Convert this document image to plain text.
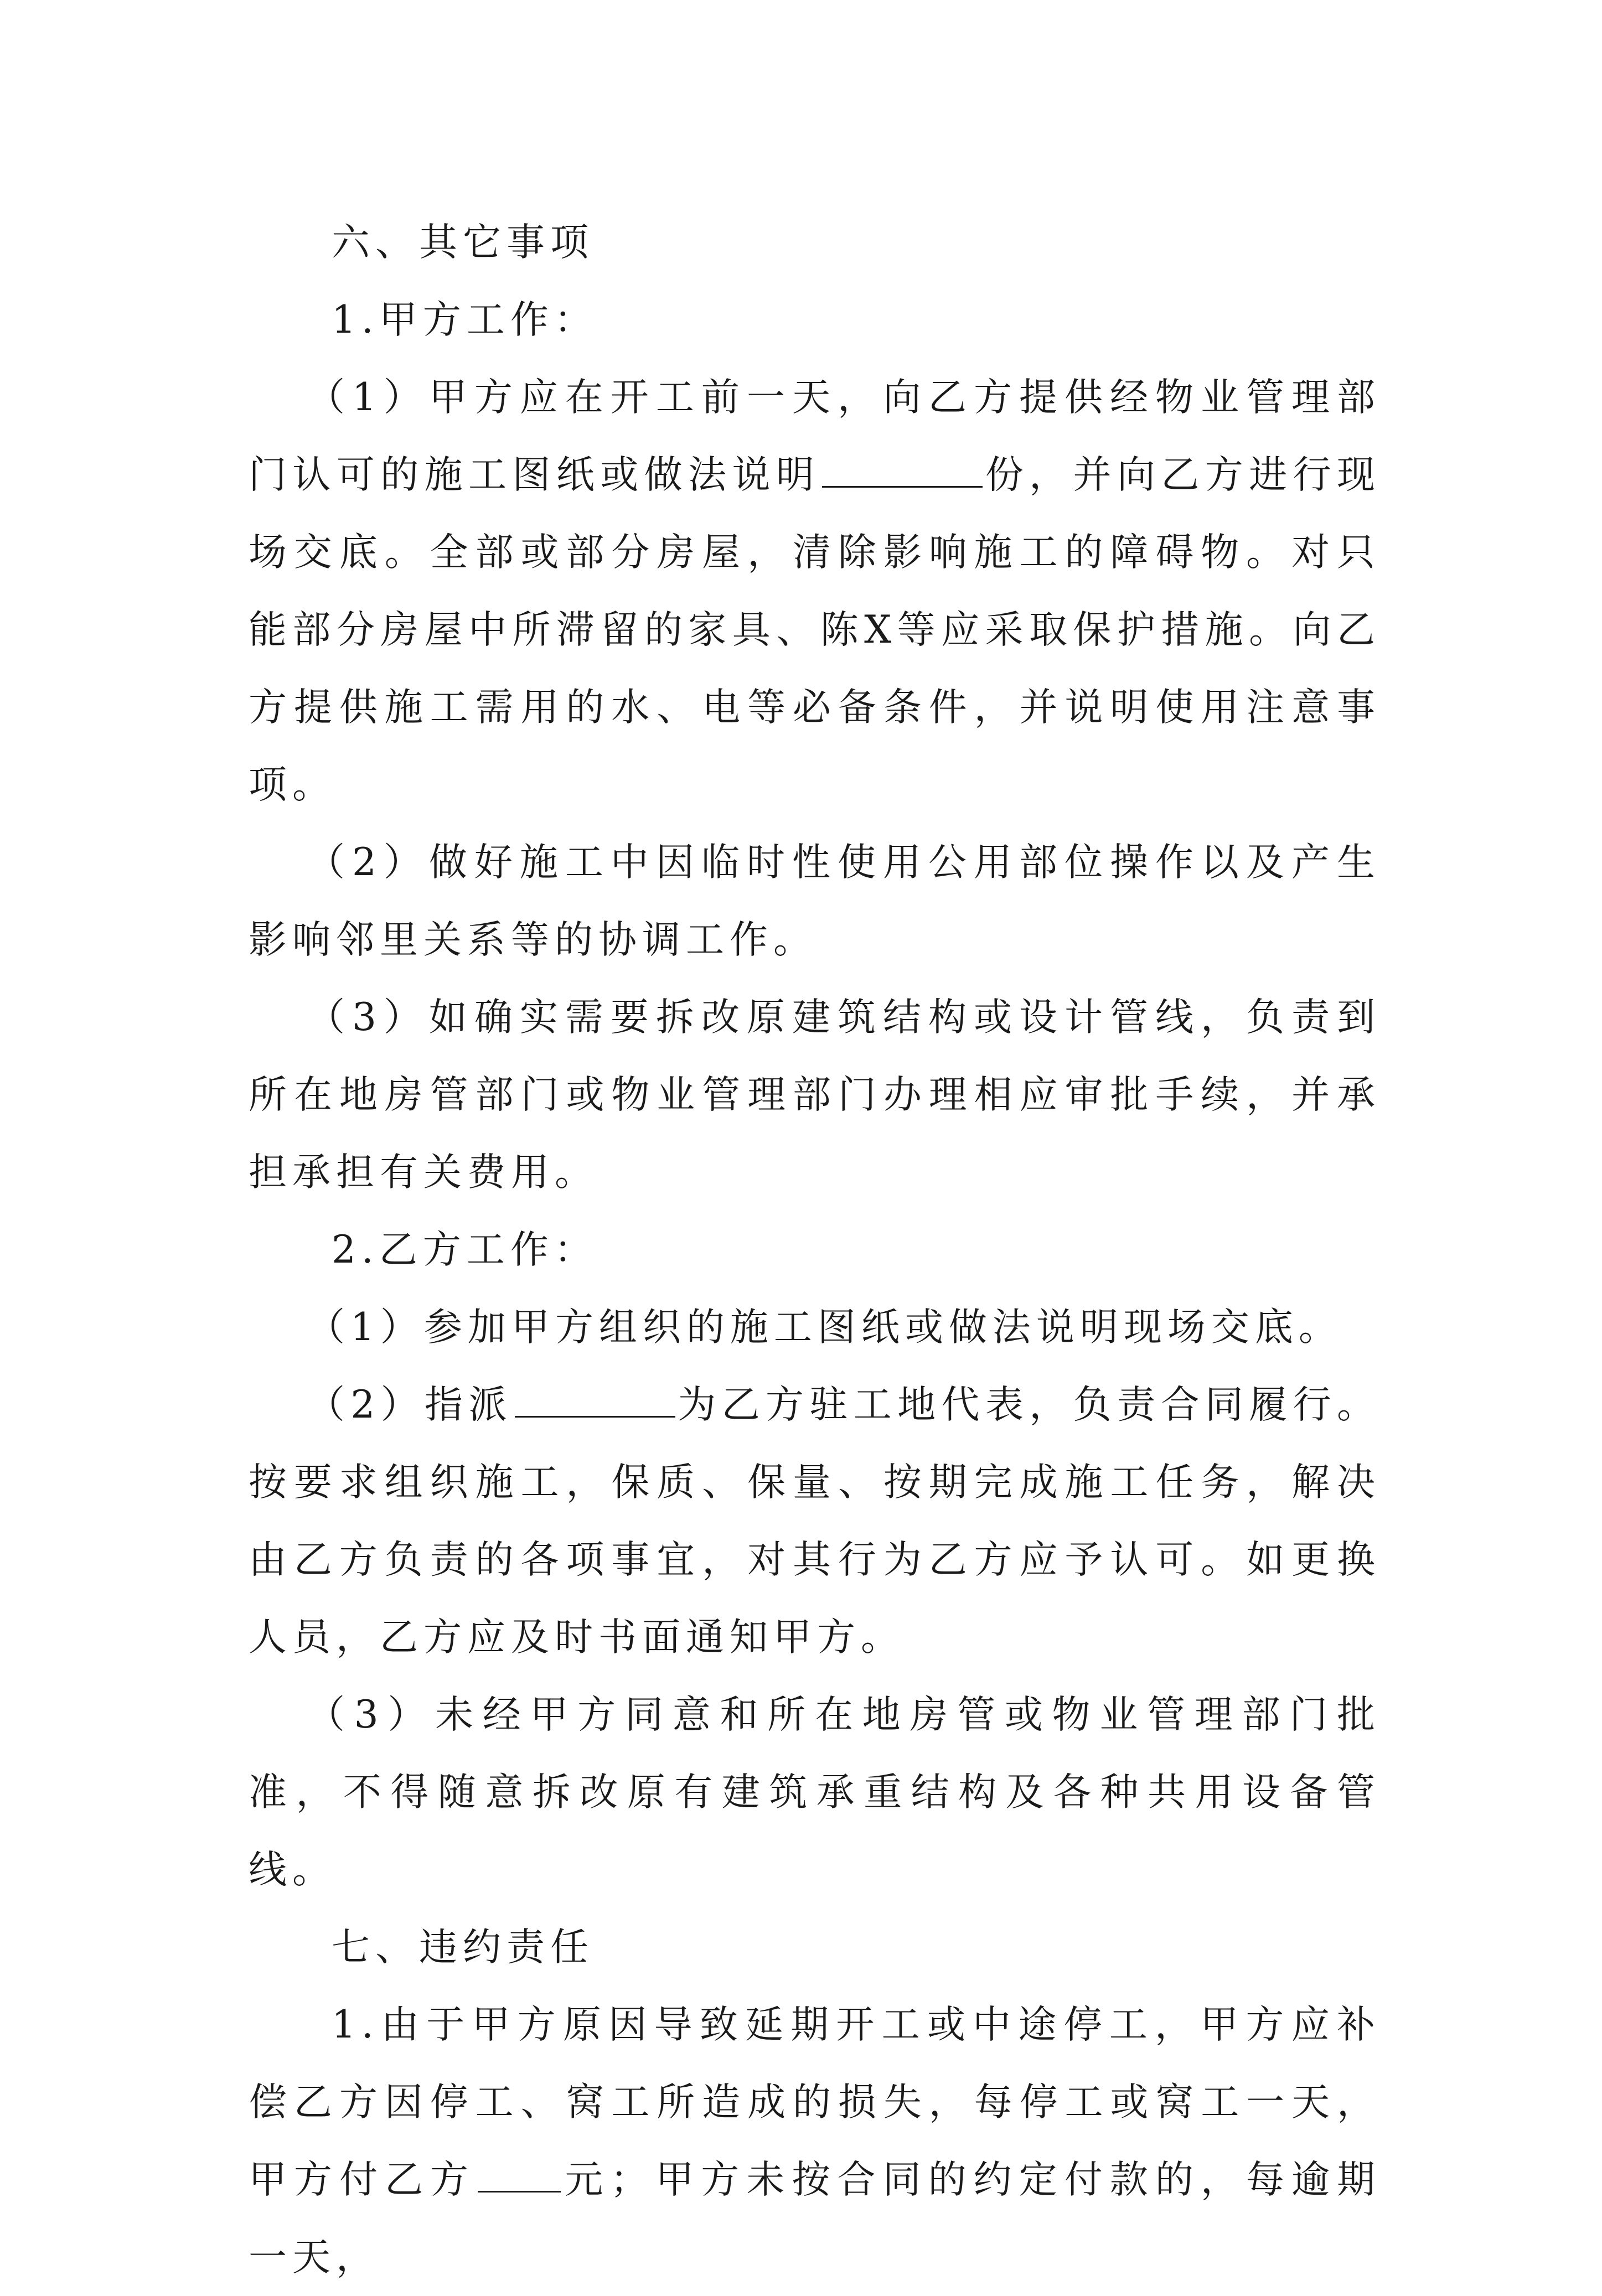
六、其它事项

1.甲方工作：

（1）甲方应在开工前一天，向乙方提供经物业管理部门认可的施工图纸或做法说明	份，并向乙方进行现场交底。全部或部分房屋，清除影响施工的障碍物。对只能部分房屋中所滞留的家具、陈X等应采取保护措施。向乙方提供施工需用的水、电等必备条件，并说明使用注意事项。

（2）做好施工中因临时性使用公用部位操作以及产生影响邻里关系等的协调工作。

（3）如确实需要拆改原建筑结构或设计管线，负责到所在地房管部门或物业管理部门办理相应审批手续，并承担承担有关费用。

2.乙方工作：

（1）参加甲方组织的施工图纸或做法说明现场交底。

（2）指派	为乙方驻工地代表，负责合同履行。按要求组织施工，保质、保量、按期完成施工任务，解决由乙方负责的各项事宜，对其行为乙方应予认可。如更换人员，乙方应及时书面通知甲方。

（3）未经甲方同意和所在地房管或物业管理部门批准，不得随意拆改原有建筑承重结构及各种共用设备管线。

七、违约责任

1.由于甲方原因导致延期开工或中途停工，甲方应补偿乙方因停工、窝工所造成的损失，每停工或窝工一天，甲方付乙方 元；甲方未按合同的约定付款的，每逾期一天，
